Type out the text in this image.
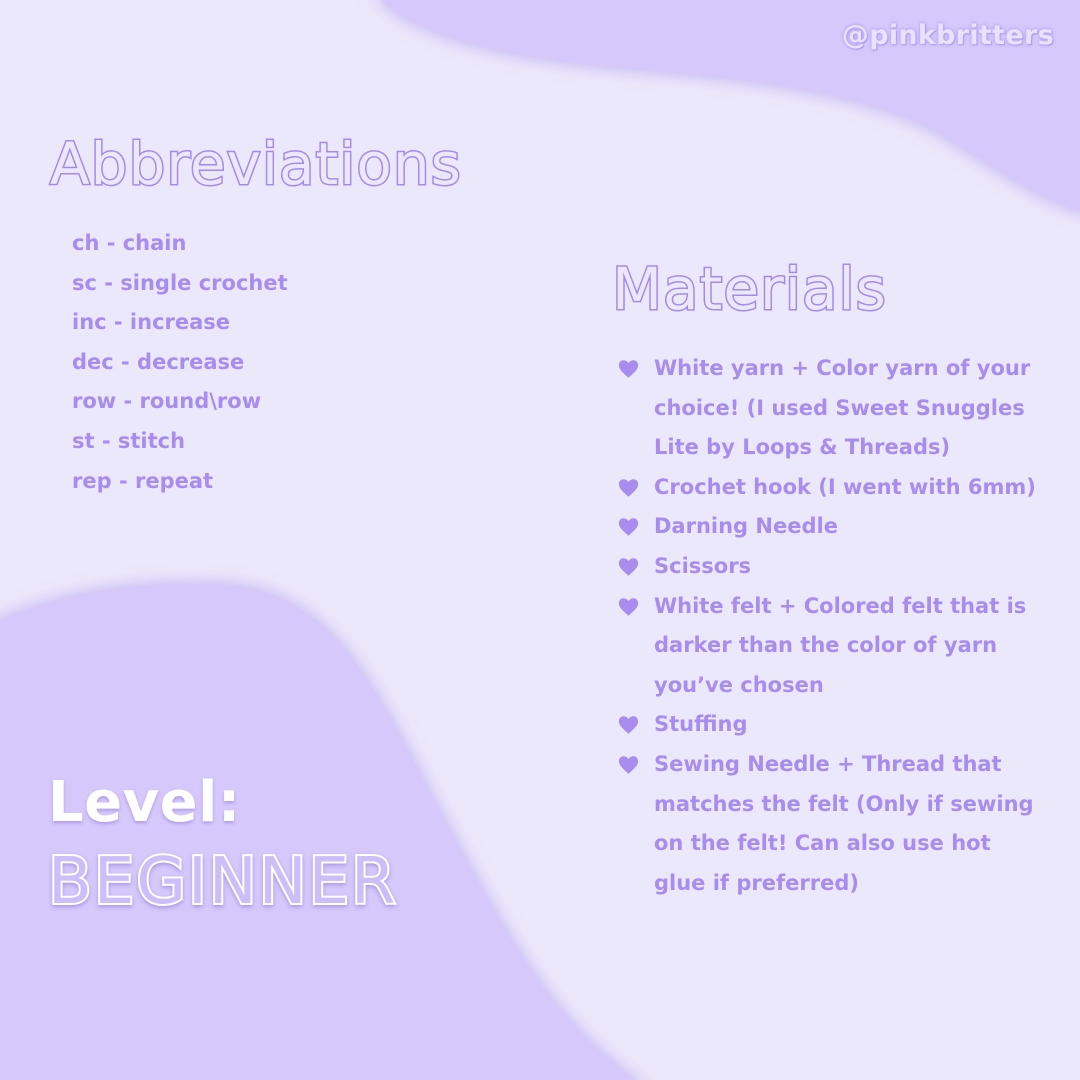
@pinkbritters
Abbreviations
ch - chain
sc - single crochet
inc - increase
dec - decrease
row - round\row
st - stitch
rep - repeat
Materials
White yarn + Color yarn of your choice! (I used Sweet Snuggles Lite by Loops & Threads)
Crochet hook (I went with 6mm)
Darning Needle
Scissors
White felt + Colored felt that is darker than the color of yarn you’ve chosen
Stuffing
Sewing Needle + Thread that matches the felt (Only if sewing on the felt! Can also use hot glue if preferred)
Level:
BEGINNER
